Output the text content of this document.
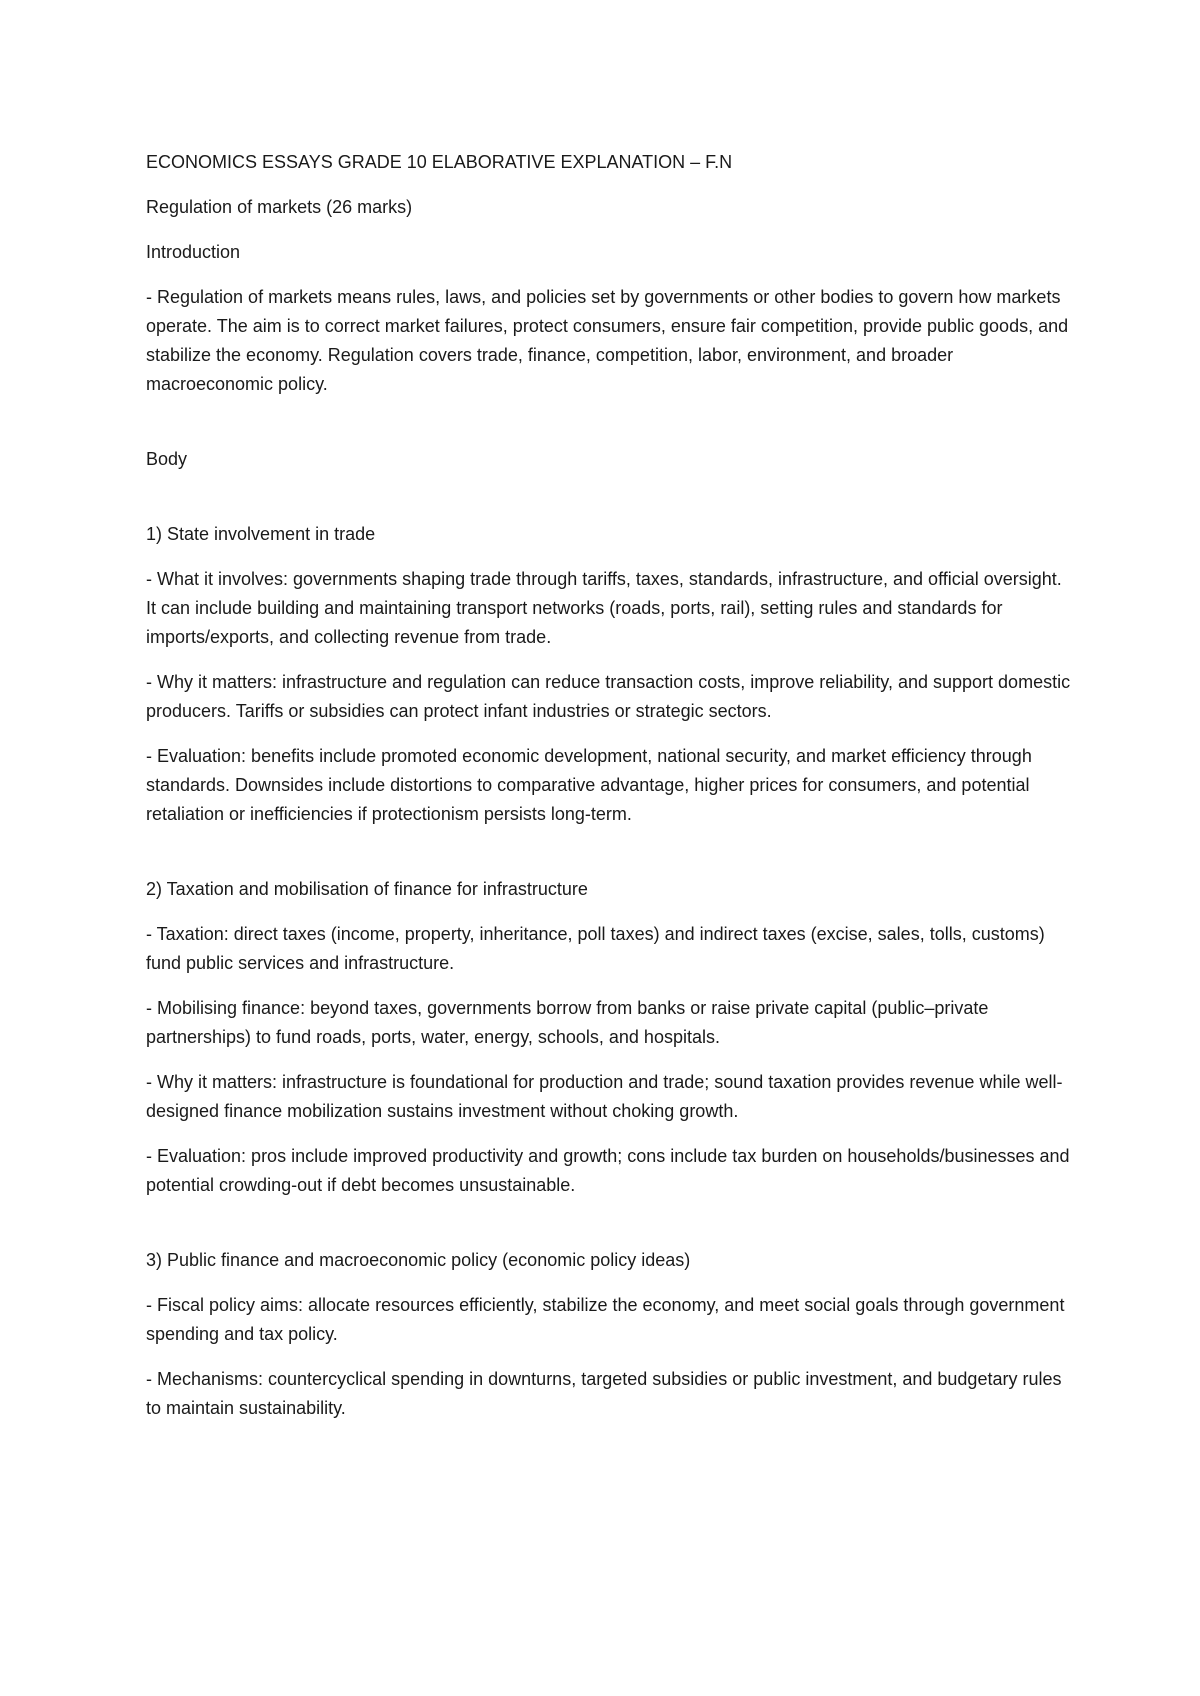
ECONOMICS ESSAYS GRADE 10 ELABORATIVE EXPLANATION – F.N

Regulation of markets (26 marks)

Introduction

- Regulation of markets means rules, laws, and policies set by governments or other bodies to govern how markets operate. The aim is to correct market failures, protect consumers, ensure fair competition, provide public goods, and stabilize the economy. Regulation covers trade, finance, competition, labor, environment, and broader macroeconomic policy.

Body

1) State involvement in trade

- What it involves: governments shaping trade through tariffs, taxes, standards, infrastructure, and official oversight. It can include building and maintaining transport networks (roads, ports, rail), setting rules and standards for imports/exports, and collecting revenue from trade.

- Why it matters: infrastructure and regulation can reduce transaction costs, improve reliability, and support domestic producers. Tariffs or subsidies can protect infant industries or strategic sectors.

- Evaluation: benefits include promoted economic development, national security, and market efficiency through standards. Downsides include distortions to comparative advantage, higher prices for consumers, and potential retaliation or inefficiencies if protectionism persists long-term.

2) Taxation and mobilisation of finance for infrastructure

- Taxation: direct taxes (income, property, inheritance, poll taxes) and indirect taxes (excise, sales, tolls, customs) fund public services and infrastructure.

- Mobilising finance: beyond taxes, governments borrow from banks or raise private capital (public–private partnerships) to fund roads, ports, water, energy, schools, and hospitals.

- Why it matters: infrastructure is foundational for production and trade; sound taxation provides revenue while well-designed finance mobilization sustains investment without choking growth.

- Evaluation: pros include improved productivity and growth; cons include tax burden on households/businesses and potential crowding-out if debt becomes unsustainable.

3) Public finance and macroeconomic policy (economic policy ideas)

- Fiscal policy aims: allocate resources efficiently, stabilize the economy, and meet social goals through government spending and tax policy.

- Mechanisms: countercyclical spending in downturns, targeted subsidies or public investment, and budgetary rules to maintain sustainability.
